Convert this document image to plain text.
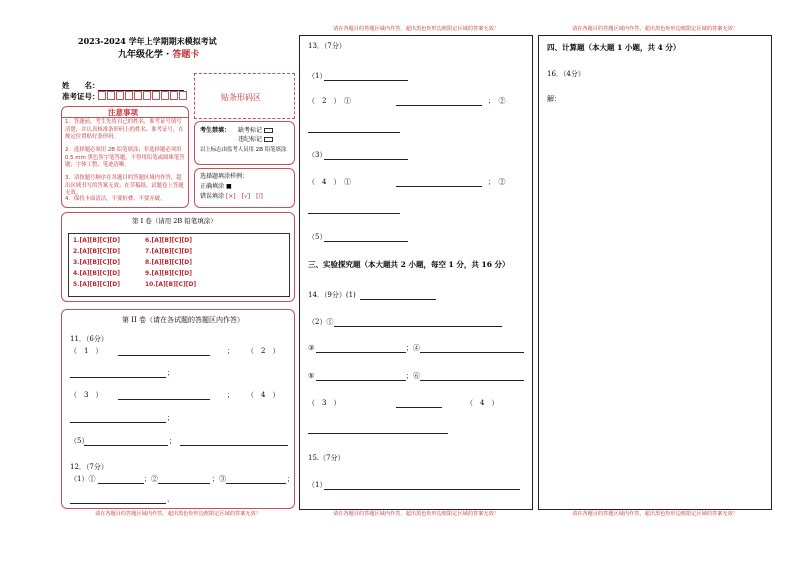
2023-2024 学年上学期期末模拟考试
九年级化学 · 答题卡
姓　　名：
准考证号：	贴条形码区
注意事项
1．答题前，考生先将自己的姓名，准考证号填写清楚，并认真核准条形码上的姓名、准考证号，在规定位置贴好条形码。
2．选择题必须用 2B 铅笔填涂；非选择题必须用 0.5 mm 黑色签字笔答题，不得用铅笔或圆珠笔答题；字体工整、笔迹清晰。
3．请按题号顺序在各题目的答题区域内作答，超出区域书写的答案无效；在草稿纸、试题卷上答题无效。
4．保持卡面清洁，不要折叠、不要弄破。
考生禁填： 缺考标记
违纪标记
以上标志由监考人员用 2B 铅笔填涂
选择题填涂样例：
正确填涂 ■
错误填涂 [×]　[√]　[/]
第 I 卷（请用 2B 铅笔填涂）
1.[A][B][C][D]	6.[A][B][C][D]
2.[A][B][C][D]	7.[A][B][C][D]
3.[A][B][C][D]	8.[A][B][C][D]
4.[A][B][C][D]	9.[A][B][C][D]
5.[A][B][C][D]	10.[A][B][C][D]
第 II 卷（请在各试题的答题区内作答）
11．（6分）
（　1　）	； （　2　）
；
（　3　）	； （　4　）
；
（5）	；
12．（7分）
（1）①	；②	；③	；
，
请在各题目的答题区域内作答，超出黑色矩形边框限定区域的答案无效！
请在各题目的答题区域内作答，超出黑色矩形边框限定区域的答案无效！
13．（7分）
（1）
（　2　）　①	；　②
（3）
（　4　）　①	；　②
（5）
三、实验探究题（本大题共 2 小题，每空 1 分，共 16 分）
14．（9分）(1)
（2）①
③	；④
⑤	；⑥
（　3　）	（　4　）
15.（7分）
（1）
请在各题目的答题区域内作答，超出黑色矩形边框限定区域的答案无效！
请在各题目的答题区域内作答，超出黑色矩形边框限定区域的答案无效！
四、计算题（本大题 1 小题，共 4 分）
16．（4分）
解：
请在各题目的答题区域内作答，超出黑色矩形边框限定区域的答案无效！
